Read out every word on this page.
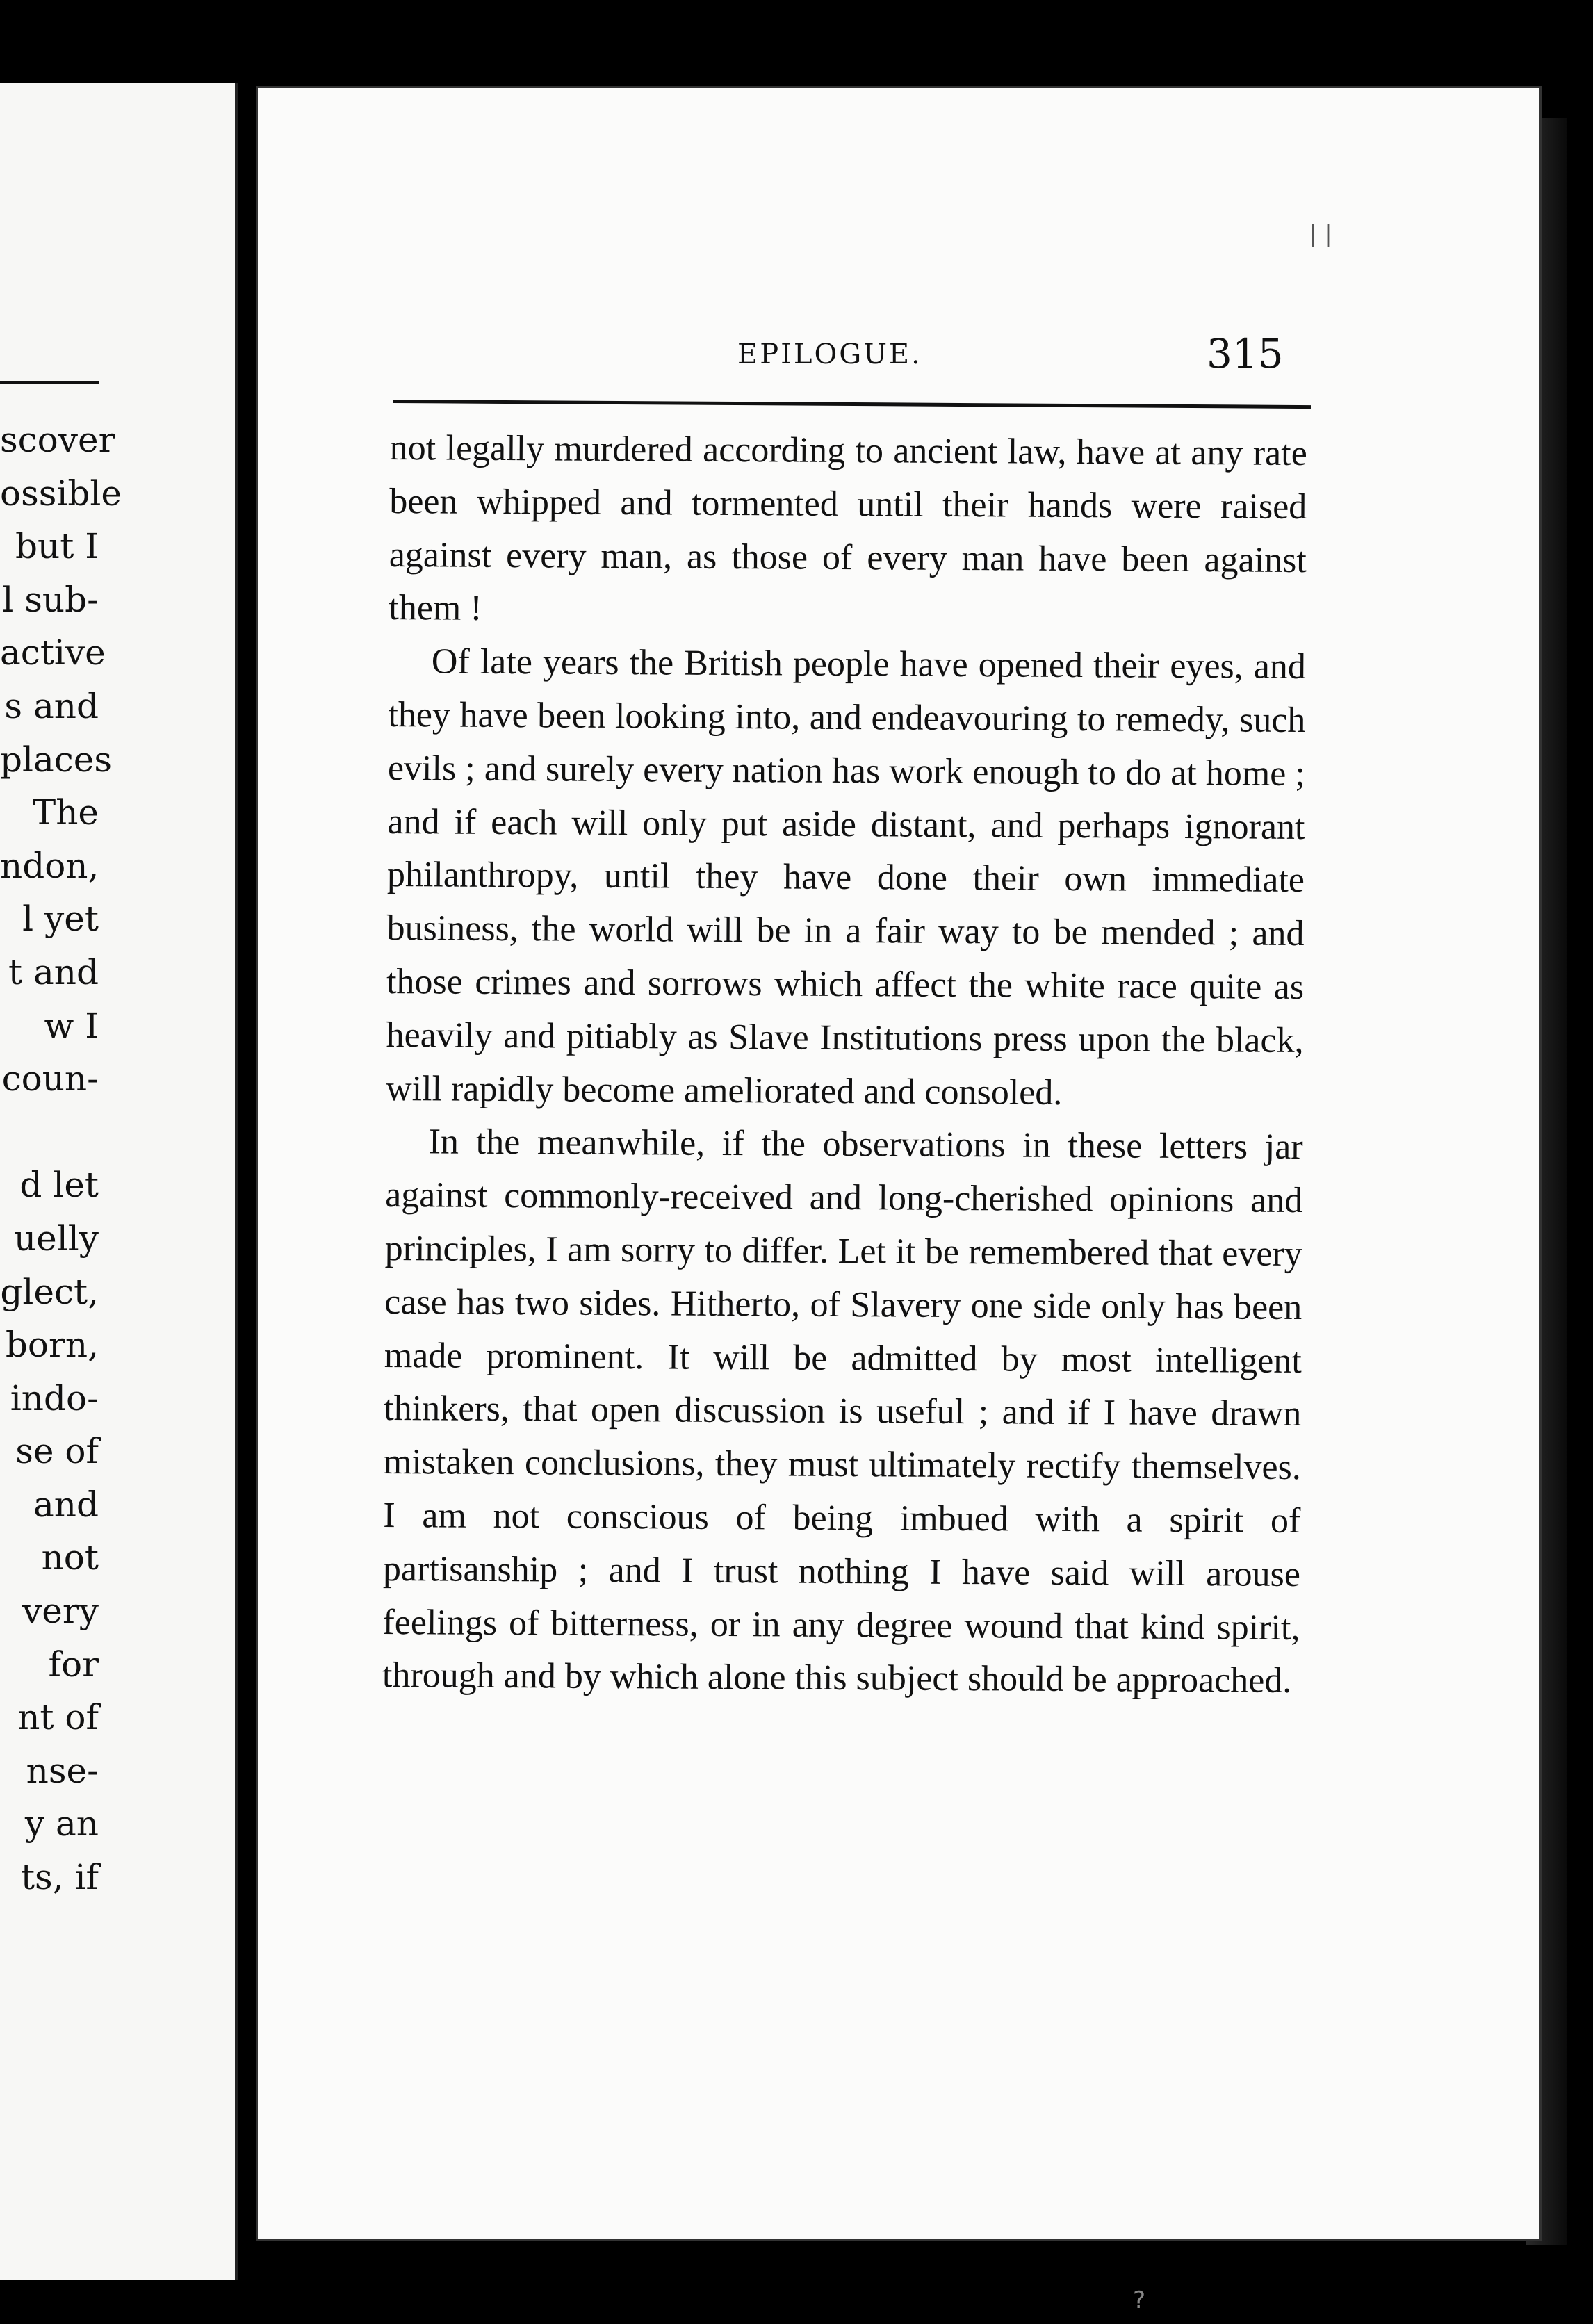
scover
ossible
but I
l sub-
active
s and
places
The
ndon,
l yet
t and
w I
coun-
d let
uelly
glect,
born,
indo-
se of
and
not
very
for
nt of
nse-
y an
ts, if
| |
EPILOGUE.	315

not legally murdered according to ancient law, have at any rate been whipped and tormented until their hands were raised against every man, as those of every man have been against them !

Of late years the British people have opened their eyes, and they have been looking into, and endeavouring to remedy, such evils ; and surely every nation has work enough to do at home ; and if each will only put aside distant, and perhaps ignorant philanthropy, until they have done their own immediate business, the world will be in a fair way to be mended ; and those crimes and sorrows which affect the white race quite as heavily and pitiably as Slave Institutions press upon the black, will rapidly become ameliorated and consoled.

In the meanwhile, if the observations in these letters jar against commonly-received and long-cherished opinions and principles, I am sorry to differ. Let it be remembered that every case has two sides. Hitherto, of Slavery one side only has been made prominent. It will be admitted by most intelligent thinkers, that open discussion is useful ; and if I have drawn mistaken conclusions, they must ultimately rectify themselves. I am not conscious of being imbued with a spirit of partisanship ; and I trust nothing I have said will arouse feelings of bitterness, or in any degree wound that kind spirit, through and by which alone this subject should be approached.

?
